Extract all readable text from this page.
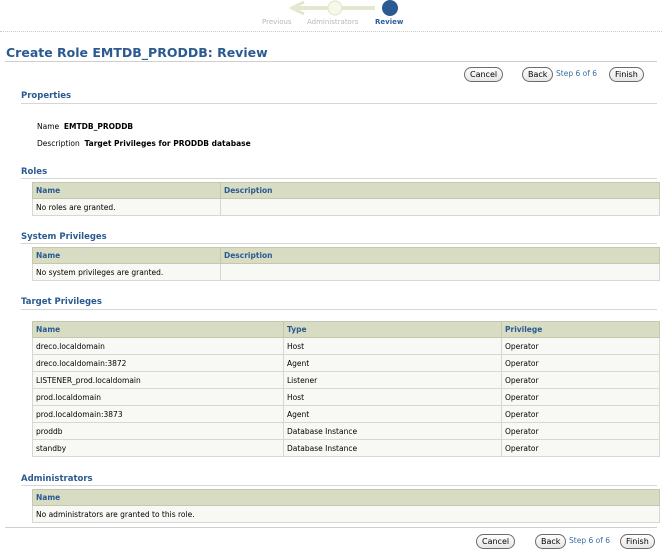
Previous Administrators Review
Create Role EMTDB_PRODDB: Review
Cancel	Back	Step 6 of 6	Finish
Properties
Name EMTDB_PRODDB
Description Target Privileges for PRODDB database
Roles
Name	Description
No roles are granted.	
System Privileges
Name	Description
No system privileges are granted.	
Target Privileges
Name	Type	Privilege
dreco.localdomain	Host	Operator
dreco.localdomain:3872	Agent	Operator
LISTENER_prod.localdomain	Listener	Operator
prod.localdomain	Host	Operator
prod.localdomain:3873	Agent	Operator
proddb	Database Instance	Operator
standby	Database Instance	Operator
Administrators
Name
No administrators are granted to this role.
Cancel	Back	Step 6 of 6	Finish
